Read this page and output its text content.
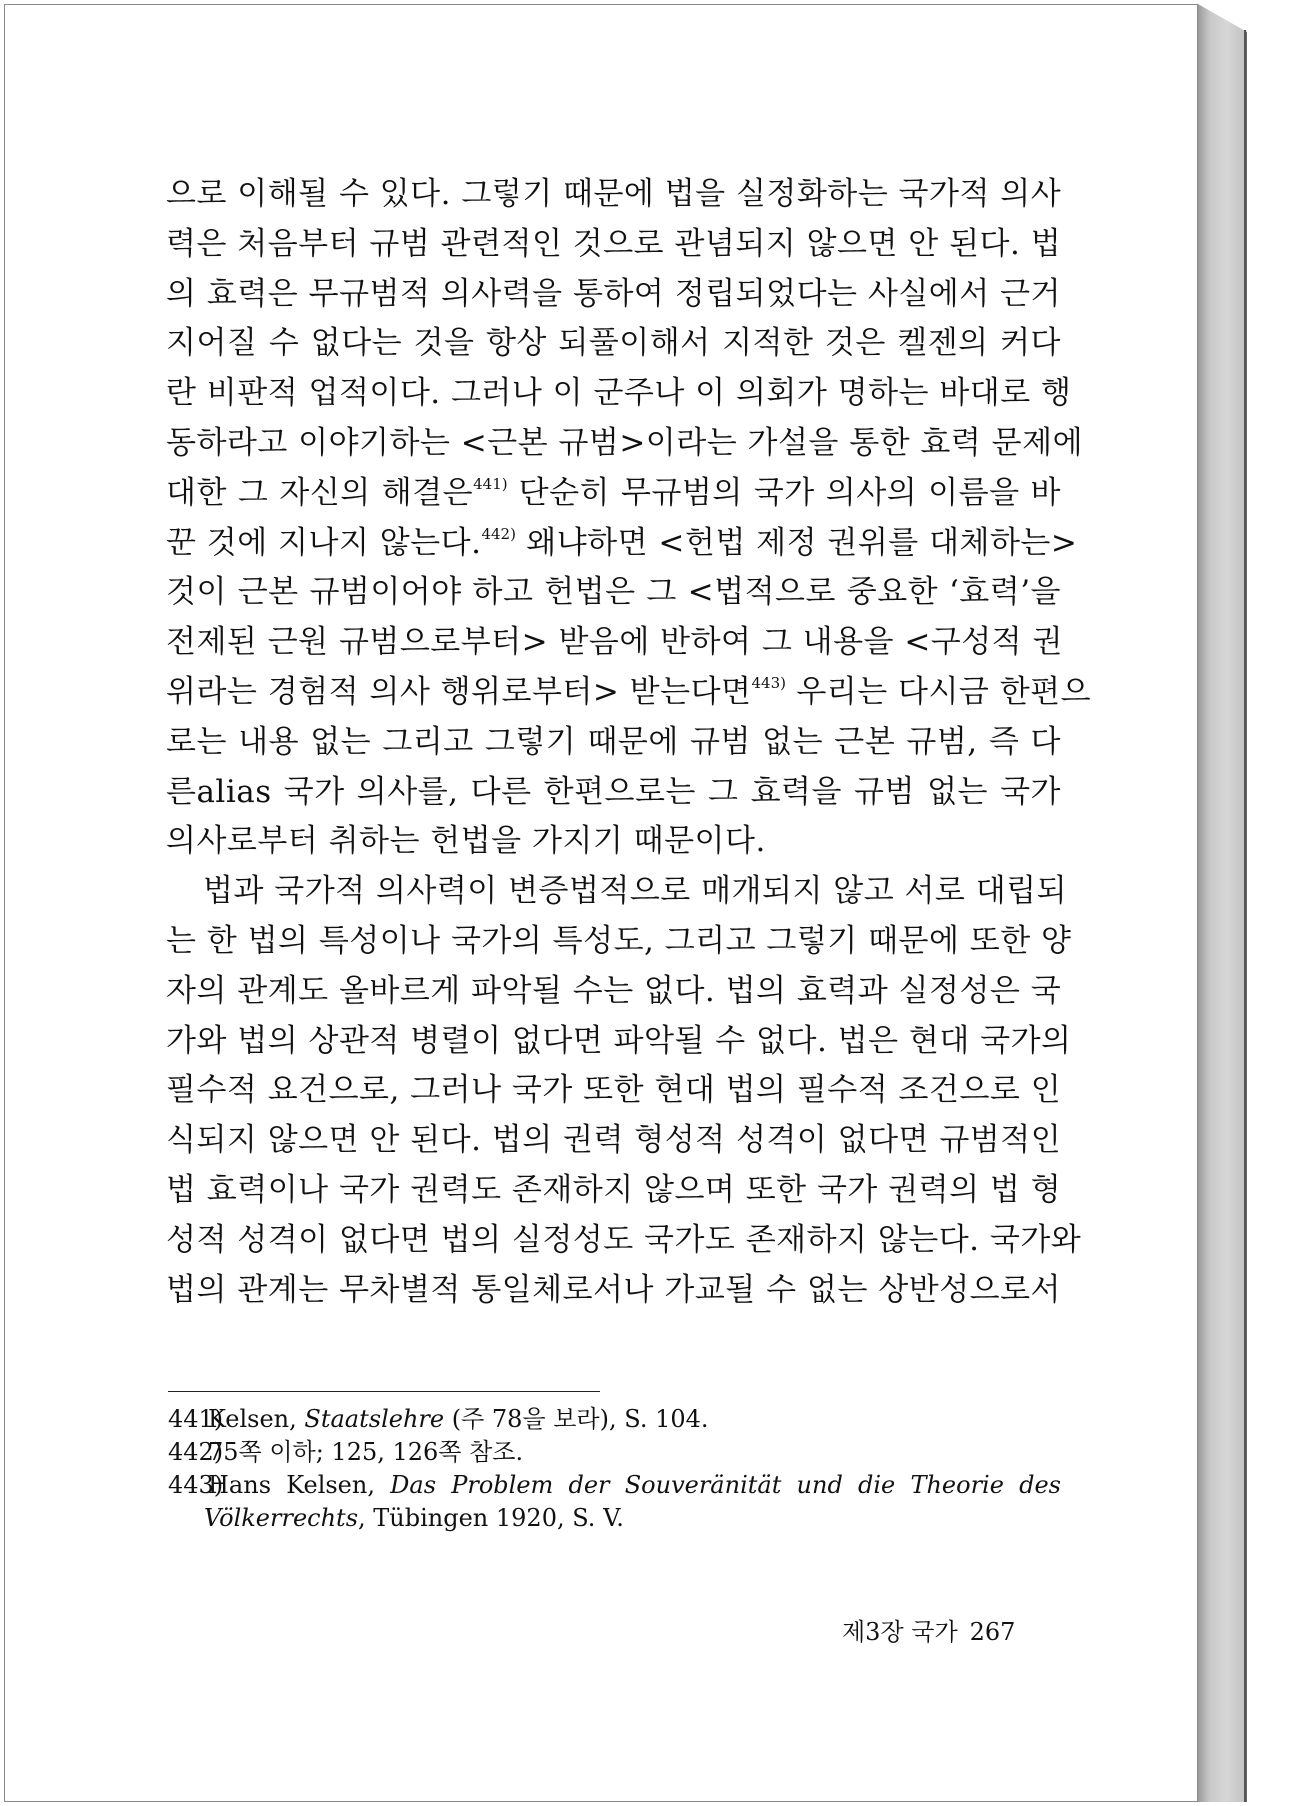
으로 이해될 수 있다. 그렇기 때문에 법을 실정화하는 국가적 의사
력은 처음부터 규범 관련적인 것으로 관념되지 않으면 안 된다. 법
의 효력은 무규범적 의사력을 통하여 정립되었다는 사실에서 근거
지어질 수 없다는 것을 항상 되풀이해서 지적한 것은 켈젠의 커다
란 비판적 업적이다. 그러나 이 군주나 이 의회가 명하는 바대로 행
동하라고 이야기하는 <근본 규범>이라는 가설을 통한 효력 문제에
대한 그 자신의 해결은$^{441)}$ 단순히 무규범의 국가 의사의 이름을 바
꾼 것에 지나지 않는다.$^{442)}$ 왜냐하면 <헌법 제정 권위를 대체하는>
것이 근본 규범이어야 하고 헌법은 그 <법적으로 중요한 ‘효력’을
전제된 근원 규범으로부터> 받음에 반하여 그 내용을 <구성적 권
위라는 경험적 의사 행위로부터> 받는다면$^{443)}$ 우리는 다시금 한편으
로는 내용 없는 그리고 그렇기 때문에 규범 없는 근본 규범, 즉 다
른alias 국가 의사를, 다른 한편으로는 그 효력을 규범 없는 국가
의사로부터 취하는 헌법을 가지기 때문이다.
법과 국가적 의사력이 변증법적으로 매개되지 않고 서로 대립되
는 한 법의 특성이나 국가의 특성도, 그리고 그렇기 때문에 또한 양
자의 관계도 올바르게 파악될 수는 없다. 법의 효력과 실정성은 국
가와 법의 상관적 병렬이 없다면 파악될 수 없다. 법은 현대 국가의
필수적 요건으로, 그러나 국가 또한 현대 법의 필수적 조건으로 인
식되지 않으면 안 된다. 법의 권력 형성적 성격이 없다면 규범적인
법 효력이나 국가 권력도 존재하지 않으며 또한 국가 권력의 법 형
성적 성격이 없다면 법의 실정성도 국가도 존재하지 않는다. 국가와
법의 관계는 무차별적 통일체로서나 가교될 수 없는 상반성으로서
441)Kelsen, Staatslehre (주 78을 보라), S. 104.
442)75쪽 이하; 125, 126쪽 참조.
443)Hans Kelsen, Das Problem der Souveränität und die Theorie des
Völkerrechts, Tübingen 1920, S. V.
제3장 국가 267
